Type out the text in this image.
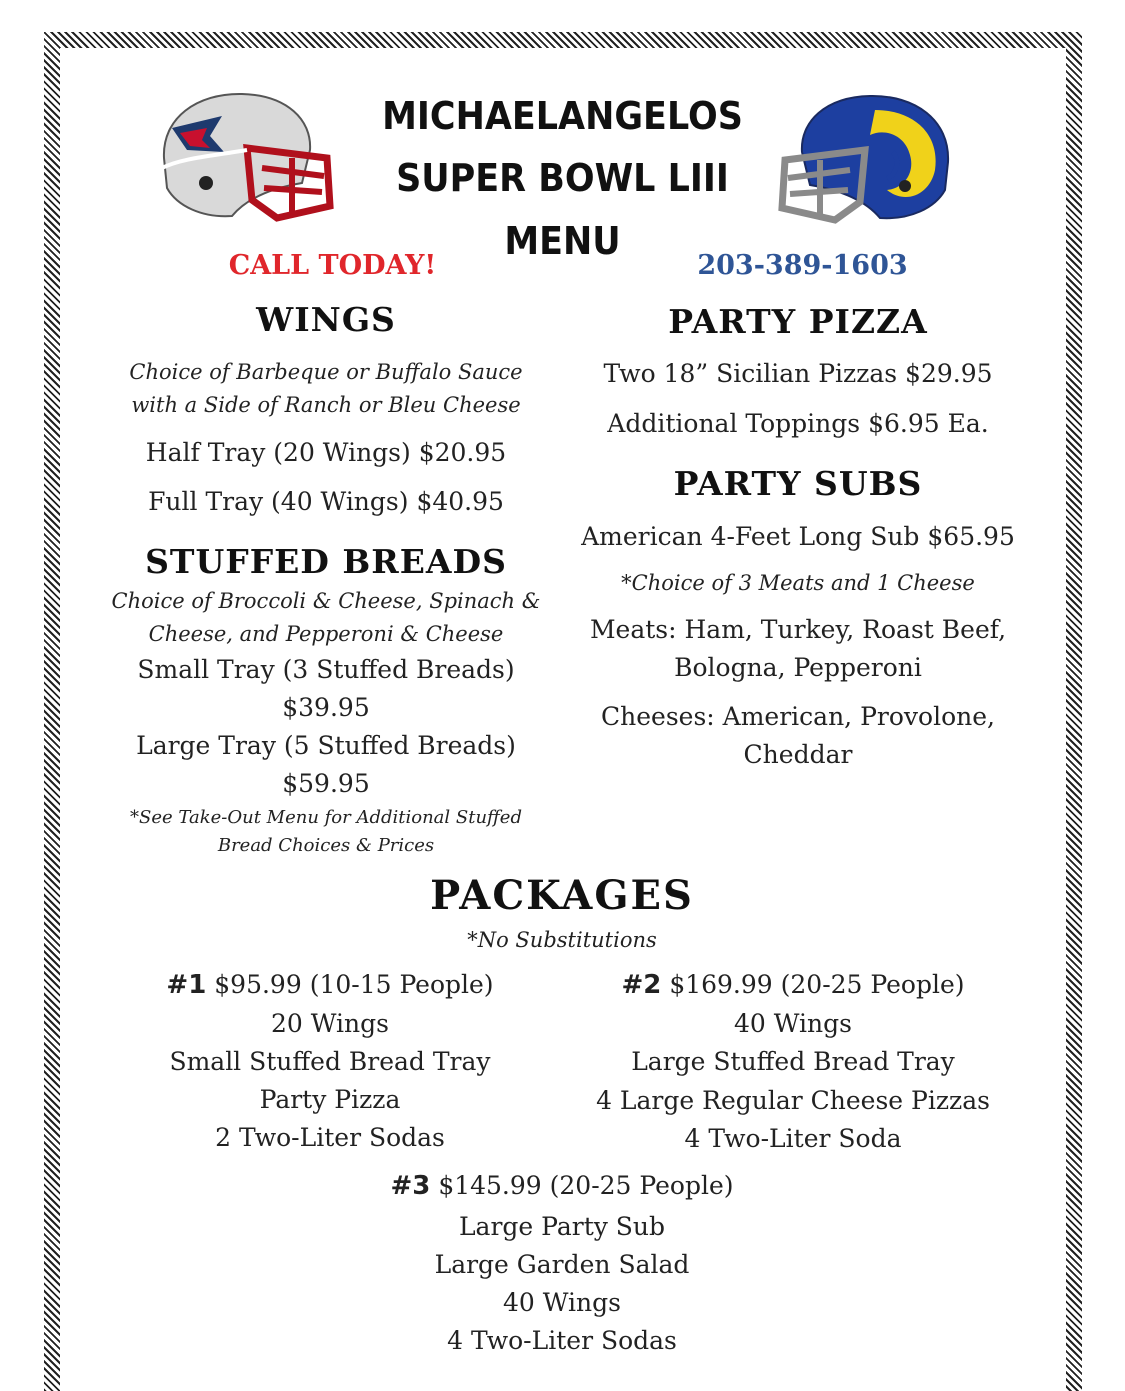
MICHAELANGELOS
SUPER BOWL LIII
MENU
CALL TODAY!	203-389-1603
WINGS
Choice of Barbeque or Buffalo Sauce
with a Side of Ranch or Bleu Cheese
Half Tray (20 Wings) $20.95
Full Tray (40 Wings) $40.95
STUFFED BREADS
Choice of Broccoli & Cheese, Spinach &
Cheese, and Pepperoni & Cheese
Small Tray (3 Stuffed Breads)
$39.95
Large Tray (5 Stuffed Breads)
$59.95
*See Take-Out Menu for Additional Stuffed
Bread Choices & Prices
PARTY PIZZA
Two 18” Sicilian Pizzas $29.95
Additional Toppings $6.95 Ea.
PARTY SUBS
American 4-Feet Long Sub $65.95
*Choice of 3 Meats and 1 Cheese
Meats: Ham, Turkey, Roast Beef,
Bologna, Pepperoni
Cheeses: American, Provolone,
Cheddar
PACKAGES
*No Substitutions
#1 $95.99 (10-15 People)
20 Wings
Small Stuffed Bread Tray
Party Pizza
2 Two-Liter Sodas
#2 $169.99 (20-25 People)
40 Wings
Large Stuffed Bread Tray
4 Large Regular Cheese Pizzas
4 Two-Liter Soda
#3 $145.99 (20-25 People)
Large Party Sub
Large Garden Salad
40 Wings
4 Two-Liter Sodas
